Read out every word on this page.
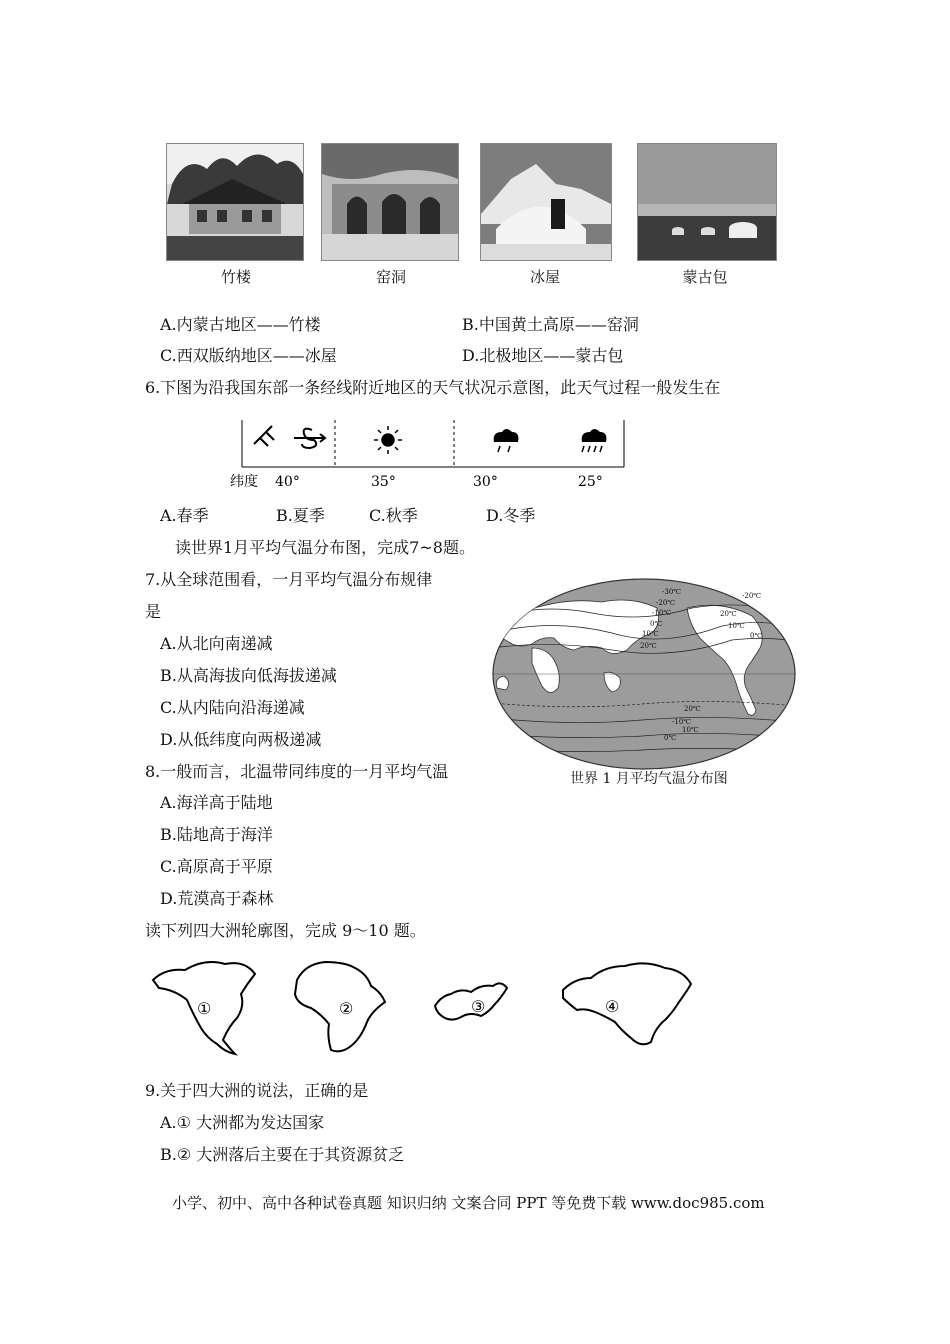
竹楼	窑洞	冰屋	蒙古包
A.内蒙古地区——竹楼	B.中国黄土高原——窑洞
C.西双版纳地区——冰屋	D.北极地区——蒙古包
6.下图为沿我国东部一条经线附近地区的天气状况示意图，此天气过程一般发生在
纬度 40°	35°	30°	25°
A.春季	B.夏季	C.秋季	D.冬季
读世界1月平均气温分布图，完成7~8题。
7.从全球范围看，一月平均气温分布规律
是
A.从北向南递减
B.从高海拔向低海拔递减
C.从内陆向沿海递减
D.从低纬度向两极递减
-30℃
-20℃
-10℃
0℃
10℃
20℃
20℃
10℃
0℃
-20℃
-10℃
0℃
10℃
20℃
世界 1 月平均气温分布图
8.一般而言，北温带同纬度的一月平均气温
A.海洋高于陆地
B.陆地高于海洋
C.高原高于平原
D.荒漠高于森林
读下列四大洲轮廓图，完成 9～10 题。
①	②	③	④
9.关于四大洲的说法，正确的是
A.① 大洲都为发达国家
B.② 大洲落后主要在于其资源贫乏
小学、初中、高中各种试卷真题 知识归纳 文案合同 PPT 等免费下载 www.doc985.com
